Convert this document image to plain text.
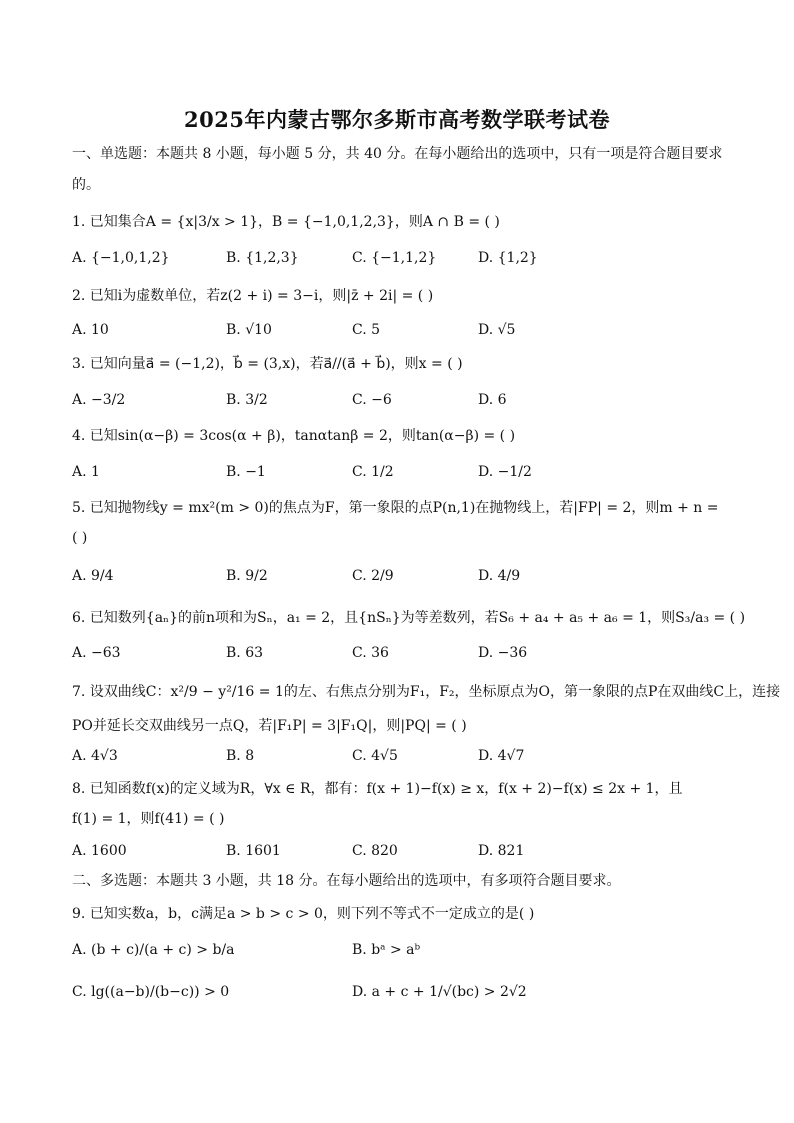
2025年内蒙古鄂尔多斯市高考数学联考试卷
一、单选题：本题共 8 小题，每小题 5 分，共 40 分。在每小题给出的选项中，只有一项是符合题目要求
的。
1. 已知集合A = {x|3/x > 1}，B = {−1,0,1,2,3}，则A ∩ B = ( )
A. {−1,0,1,2}	B. {1,2,3}	C. {−1,1,2}	D. {1,2}
2. 已知i为虚数单位，若z(2 + i) = 3−i，则|z̄ + 2i| = ( )
A. 10	B. √10	C. 5	D. √5
3. 已知向量a⃗ = (−1,2)，b⃗ = (3,x)，若a⃗//(a⃗ + b⃗)，则x = ( )
A. −3/2	B. 3/2	C. −6	D. 6
4. 已知sin(α−β) = 3cos(α + β)，tanαtanβ = 2，则tan(α−β) = ( )
A. 1	B. −1	C. 1/2	D. −1/2
5. 已知抛物线y = mx²(m > 0)的焦点为F，第一象限的点P(n,1)在抛物线上，若|FP| = 2，则m + n =
( )
A. 9/4	B. 9/2	C. 2/9	D. 4/9
6. 已知数列{aₙ}的前n项和为Sₙ，a₁ = 2，且{nSₙ}为等差数列，若S₆ + a₄ + a₅ + a₆ = 1，则S₃/a₃ = ( )
A. −63	B. 63	C. 36	D. −36
7. 设双曲线C：x²/9 − y²/16 = 1的左、右焦点分别为F₁，F₂，坐标原点为O，第一象限的点P在双曲线C上，连接
PO并延长交双曲线另一点Q，若|F₁P| = 3|F₁Q|，则|PQ| = ( )
A. 4√3	B. 8	C. 4√5	D. 4√7
8. 已知函数f(x)的定义域为R，∀x ∈ R，都有：f(x + 1)−f(x) ≥ x，f(x + 2)−f(x) ≤ 2x + 1，且
f(1) = 1，则f(41) = ( )
A. 1600	B. 1601	C. 820	D. 821
二、多选题：本题共 3 小题，共 18 分。在每小题给出的选项中，有多项符合题目要求。
9. 已知实数a，b，c满足a > b > c > 0，则下列不等式不一定成立的是( )
A. (b + c)/(a + c) > b/a	B. bᵃ > aᵇ
C. lg((a−b)/(b−c)) > 0	D. a + c + 1/√(bc) > 2√2
